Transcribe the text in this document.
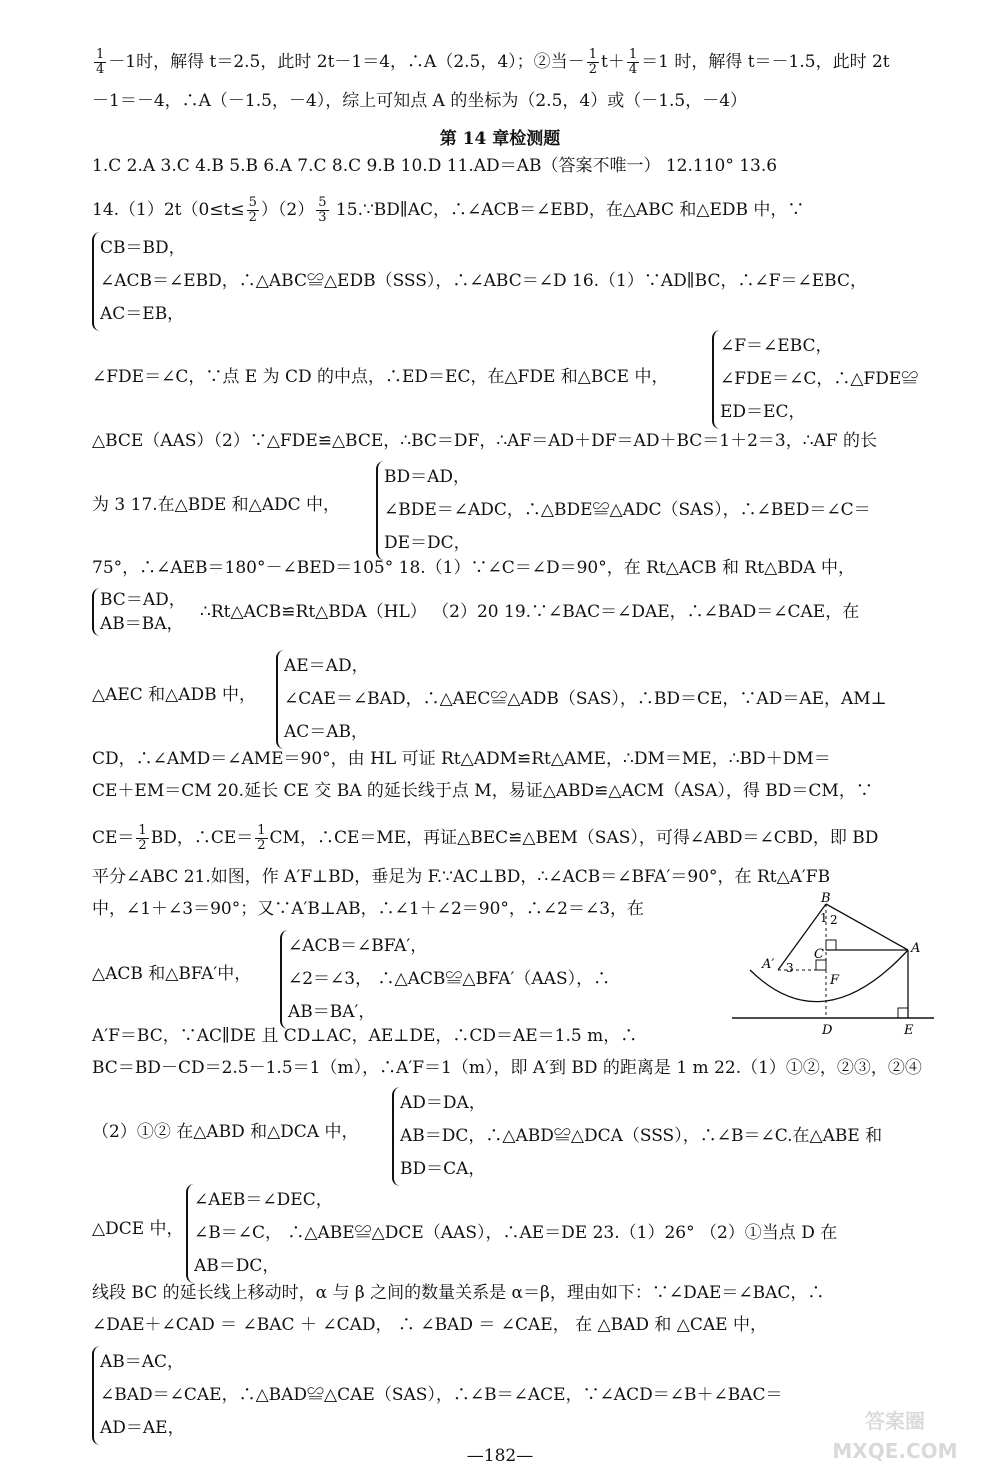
$\frac{1}{4} -1$时，解得 t＝2.5，此时 2t－1＝4，∴A（2.5，4）；②当－ $\frac{1}{2} t+ \frac{1}{4} =1$ 时，解得 t＝－1.5，此时 2t
－1＝－4，∴A（－1.5，－4），综上可知点 A 的坐标为（2.5，4）或（－1.5，－4）
第 14 章检测题
1.C 2.A 3.C 4.B 5.B 6.A 7.C 8.C 9.B 10.D 11.AD＝AB（答案不唯一） 12.110° 13.6
$14.(1)2t(0\le t\le \frac{5}{2} )(2) \frac{5}{3}$ 15.∵BD∥AC，∴∠ACB＝∠EBD，在△ABC 和△EDB 中，∵
CB＝BD，
∠ACB＝∠EBD，∴△ABC≌△EDB（SSS），∴∠ABC＝∠D 16.（1）∵AD∥BC，∴∠F＝∠EBC，
AC＝EB，
∠FDE＝∠C，∵点 E 为 CD 的中点，∴ED＝EC，在△FDE 和△BCE 中，
∠F＝∠EBC，
∠FDE＝∠C，∴△FDE≌
ED＝EC，
△BCE（AAS）（2）∵△FDE≌△BCE，∴BC＝DF，∴AF＝AD＋DF＝AD＋BC＝1＋2＝3，∴AF 的长
为 3 17.在△BDE 和△ADC 中，
BD＝AD，
∠BDE＝∠ADC，∴△BDE≌△ADC（SAS），∴∠BED＝∠C＝
DE＝DC，
75°，∴∠AEB＝180°－∠BED＝105° 18.（1）∵∠C＝∠D＝90°，在 Rt△ACB 和 Rt△BDA 中，
BC＝AD，
AB＝BA，
∴Rt△ACB≌Rt△BDA（HL） （2）20 19.∵∠BAC＝∠DAE，∴∠BAD＝∠CAE，在
△AEC 和△ADB 中，
AE＝AD，
∠CAE＝∠BAD，∴△AEC≌△ADB（SAS），∴BD＝CE，∵AD＝AE，AM⊥
AC＝AB，
CD，∴∠AMD＝∠AME＝90°，由 HL 可证 Rt△ADM≌Rt△AME，∴DM＝ME，∴BD＋DM＝
CE＋EM＝CM 20.延长 CE 交 BA 的延长线于点 M，易证△ABD≌△ACM（ASA），得 BD＝CM，∵
$CE= \frac{1}{2}$ BD，∴CE＝ $\frac{1}{2}$ CM，∴CE＝ME，再证△BEC≌△BEM（SAS），可得∠ABD＝∠CBD，即 BD
平分∠ABC 21.如图，作 A′F⊥BD，垂足为 F.∵AC⊥BD，∴∠ACB＝∠BFA′＝90°，在 Rt△A′FB
中，∠1＋∠3＝90°；又∵A′B⊥AB，∴∠1＋∠2＝90°，∴∠2＝∠3，在
△ACB 和△BFA′中，
∠ACB＝∠BFA′，
∠2＝∠3， ∴△ACB≌△BFA′（AAS），∴
AB＝BA′，
B
A
C
F
A′
D	E
1 2
3
A′F＝BC，∵AC∥DE 且 CD⊥AC，AE⊥DE，∴CD＝AE＝1.5 m，∴
BC＝BD－CD＝2.5－1.5＝1（m），∴A′F＝1（m），即 A′到 BD 的距离是 1 m 22.（1）①②，②③，②④
（2）①② 在△ABD 和△DCA 中，
AD＝DA，
AB＝DC，∴△ABD≌△DCA（SSS），∴∠B＝∠C.在△ABE 和
BD＝CA，
△DCE 中，
∠AEB＝∠DEC，
∠B＝∠C， ∴△ABE≌△DCE（AAS），∴AE＝DE 23.（1）26° （2）①当点 D 在
AB＝DC，
线段 BC 的延长线上移动时，α 与 β 之间的数量关系是 α＝β，理由如下：∵∠DAE＝∠BAC，∴
∠DAE＋∠CAD ＝ ∠BAC ＋ ∠CAD， ∴ ∠BAD ＝ ∠CAE， 在 △BAD 和 △CAE 中，
AB＝AC，
∠BAD＝∠CAE，∴△BAD≌△CAE（SAS），∴∠B＝∠ACE，∵∠ACD＝∠B＋∠BAC＝
AD＝AE，
—182—
答案圈 MXQE.COM
